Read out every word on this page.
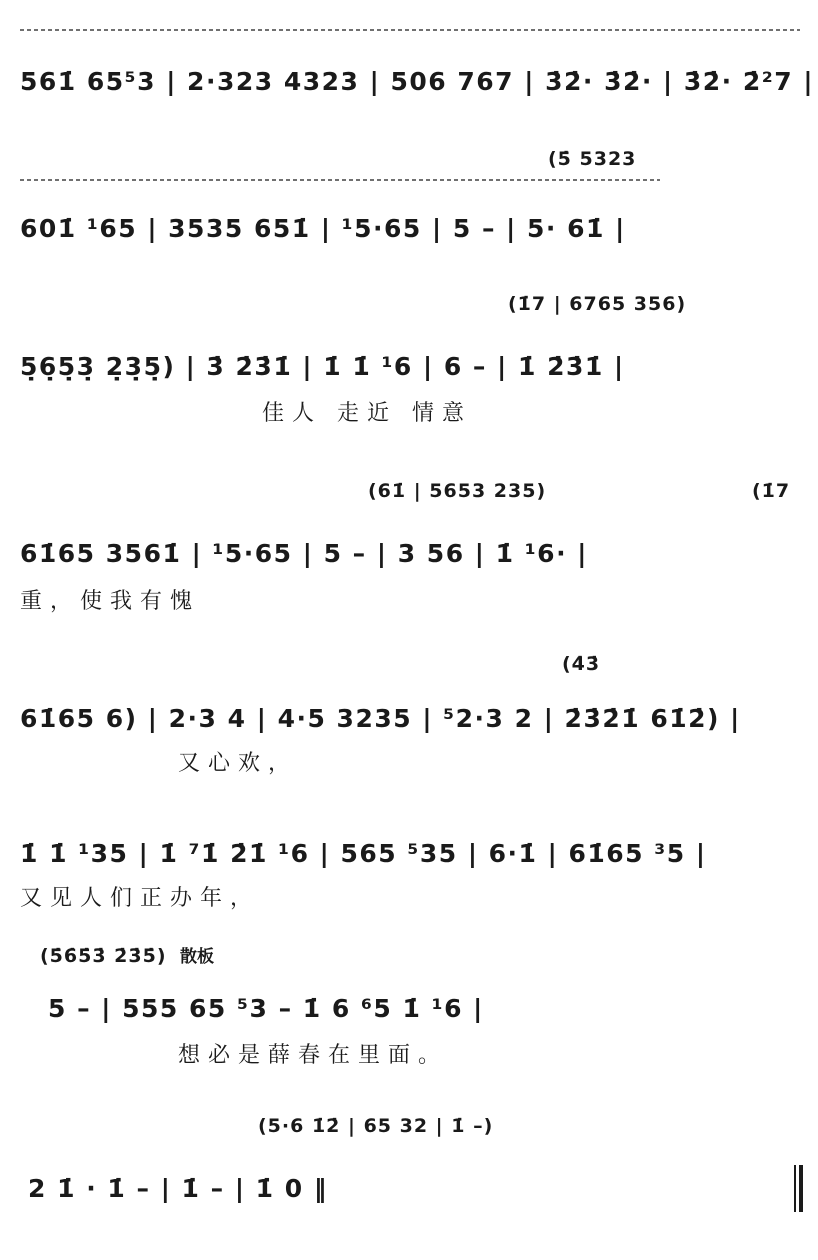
561̇ 65⁵3 | 2·323 4323 | 506 767 | 3̇2̇· 3̇2̇· | 3̇2̇· 2̇²7 |
(5̇ 5323
601̇ ¹65 | 3535 651̇ | ¹5·65 | 5 – | 5· 61̇ |
(1̇7 | 6765 356)
5̣6̣5̣3̣ 2̣3̣5̣) | 3̇ 2̇3̇1̇ | 1̇ 1̇ ¹6 | 6 – | 1̇ 2̇3̇1̇ |
佳人 走近 情意
(61̇ | 5653 235)	(1̇7
61̇65 3561̇ | ¹5·65 | 5 – | 3 56 | 1̇ ¹6· |
重，使我有愧
(4̇3̇
61̇65 6) | 2·3 4 | 4·5 3235 | ⁵2·3 2 | 2̇3̇2̇1̇ 61̇2̇) |
又心欢，
1̇ 1̇ ¹35 | 1̇ ⁷1̇ 2̇1̇ ¹6 | 565 ⁵35 | 6·1̇ | 61̇65 ³5 |
又见人们正办年，
(5̇6̇5̇3̇ 2̇3̇5̇) 散板
5 – | 555 65 ⁵3 – 1̇ 6 ⁶5 1̇ ¹6 |
想必是薛春在里面。
(5·6 1̇2̇ | 65 32 | 1̇ –)
2 1̇ · 1̇ – | 1̇ – | 1̇ 0 ‖
